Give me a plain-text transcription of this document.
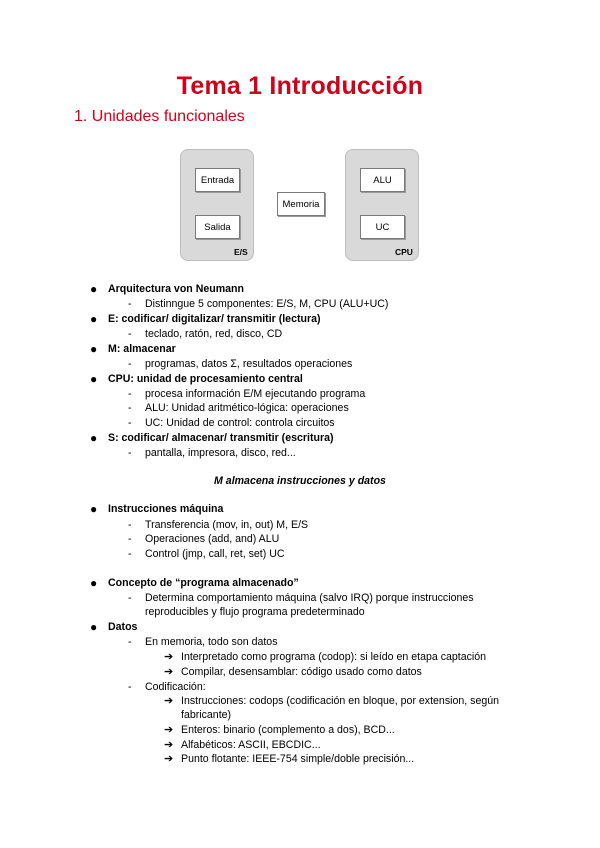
Tema 1 Introducción
1. Unidades funcionales
Entrada
Salida
E/S
Memoria
ALU
UC
CPU
● Arquitectura von Neumann
- Distinngue 5 componentes: E/S, M, CPU (ALU+UC)
● E: codificar/ digitalizar/ transmitir (lectura)
- teclado, ratón, red, disco, CD
● M: almacenar
- programas, datos Σ, resultados operaciones
● CPU: unidad de procesamiento central
- procesa información E/M ejecutando programa
- ALU: Unidad aritmético-lógica: operaciones
- UC: Unidad de control: controla circuitos
● S: codificar/ almacenar/ transmitir (escritura)
- pantalla, impresora, disco, red...
M almacena instrucciones y datos
● Instrucciones máquina
- Transferencia (mov, in, out) M, E/S
- Operaciones (add, and) ALU
- Control (jmp, call, ret, set) UC
● Concepto de “programa almacenado”
- Determina comportamiento máquina (salvo IRQ) porque instrucciones
reproducibles y flujo programa predeterminado
● Datos
- En memoria, todo son datos
➔ Interpretado como programa (codop): si leído en etapa captación
➔ Compilar, desensamblar: código usado como datos
- Codificación:
➔ Instrucciones: codops (codificación en bloque, por extension, según
fabricante)
➔ Enteros: binario (complemento a dos), BCD...
➔ Alfabéticos: ASCII, EBCDIC...
➔ Punto flotante: IEEE-754 simple/doble precisión...
